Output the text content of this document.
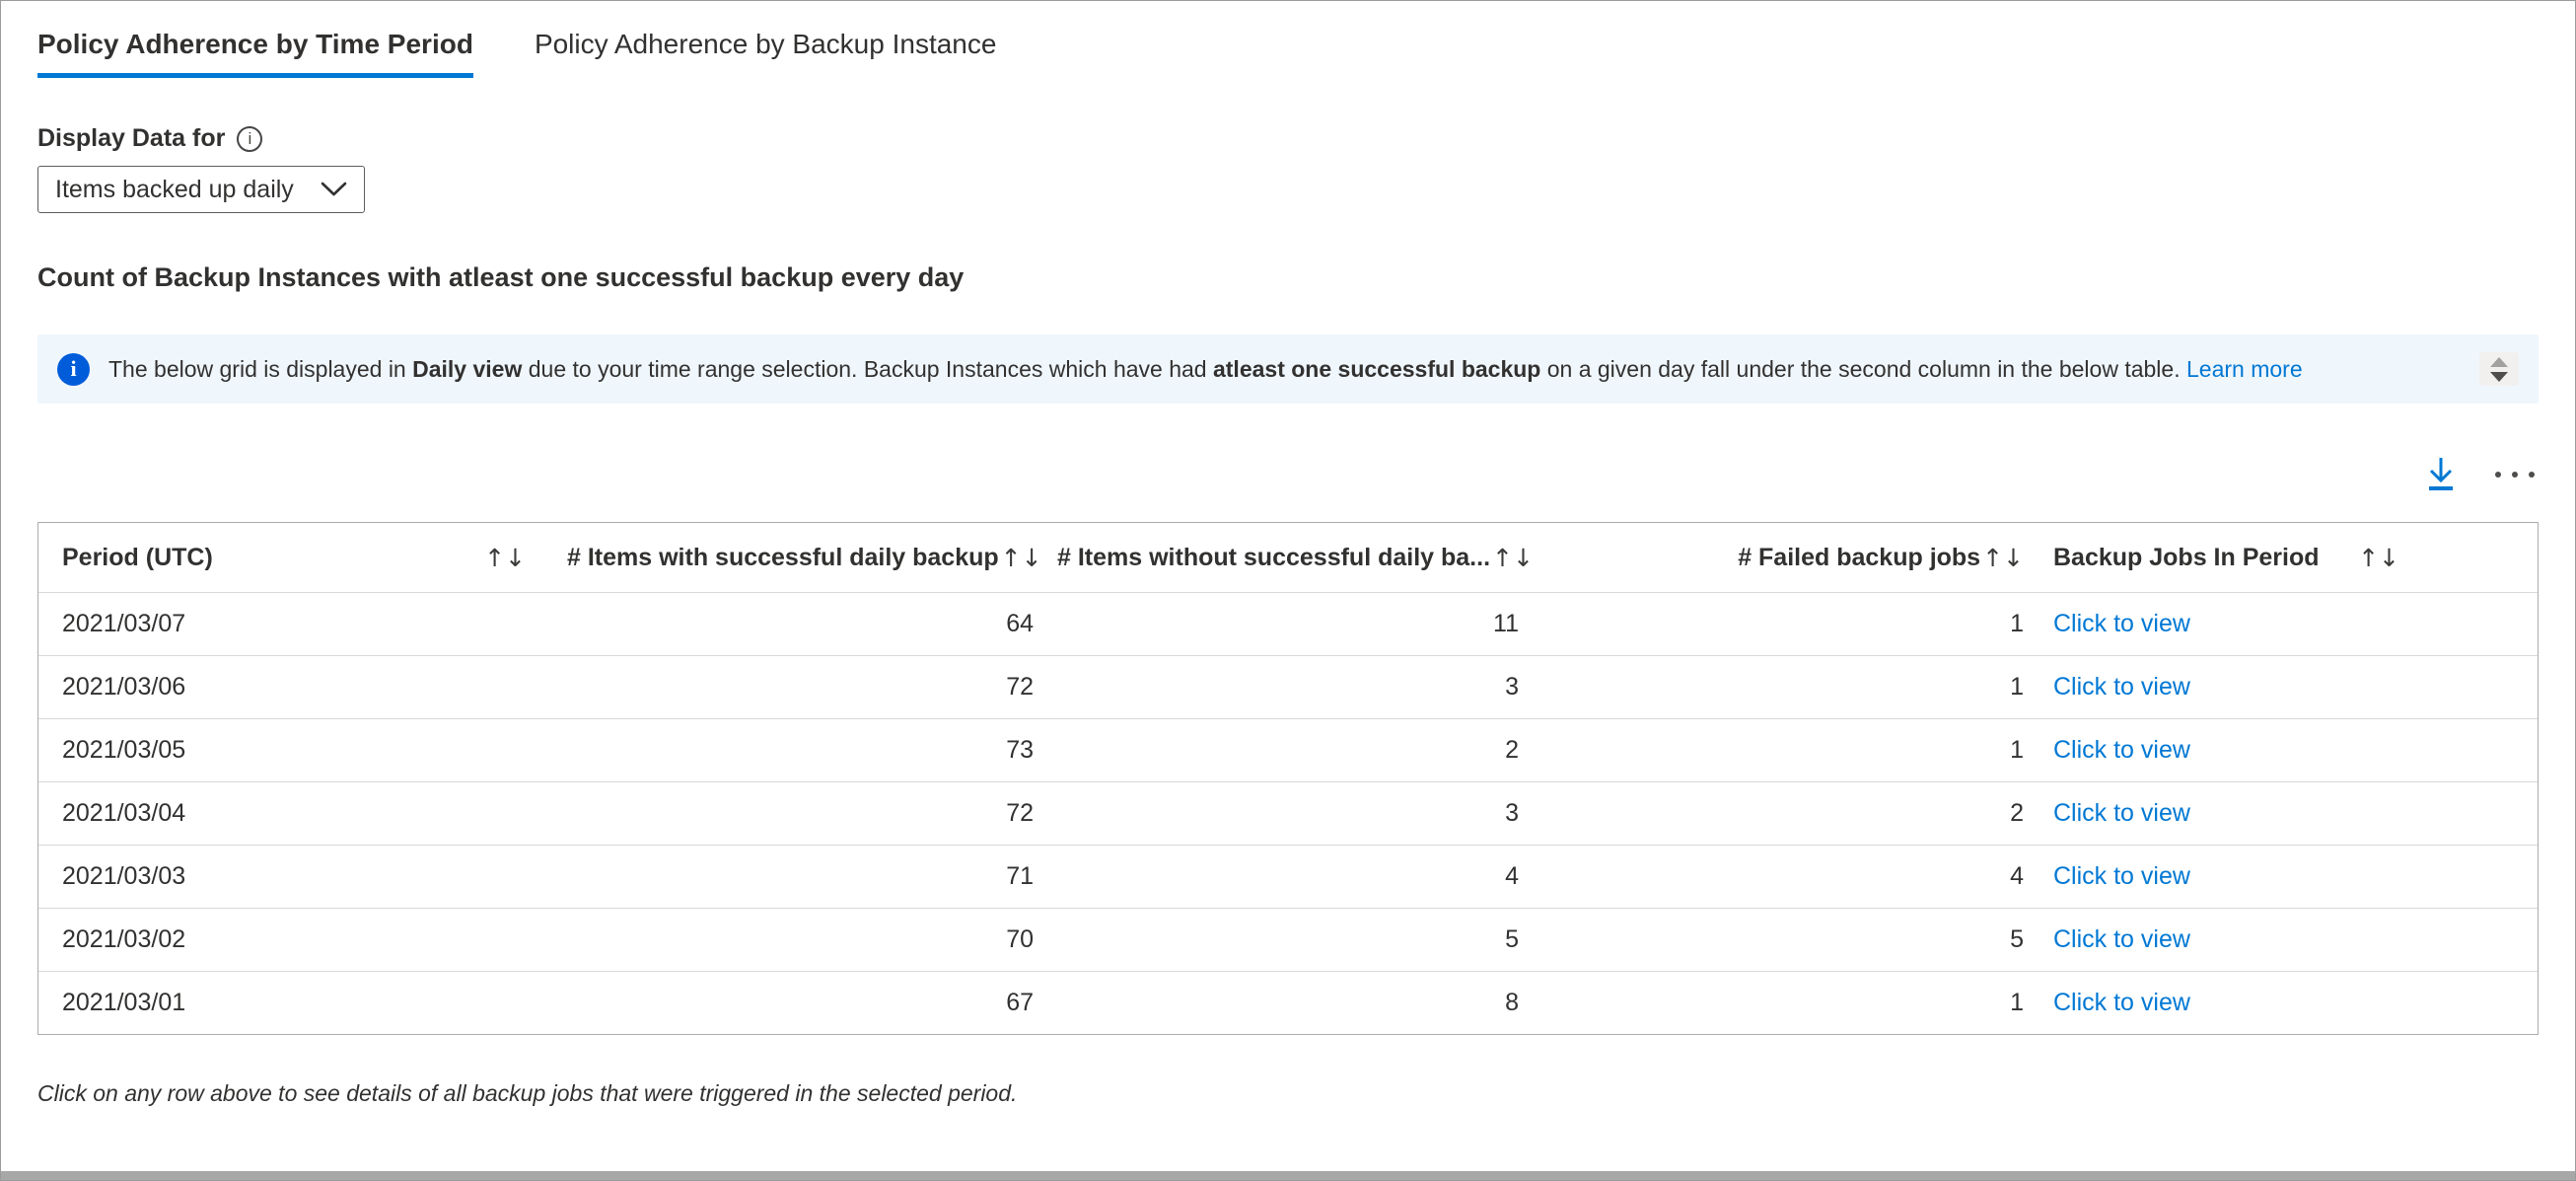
Policy Adherence by Time Period Policy Adherence by Backup Instance
Display Data for	i
Items backed up daily
Count of Backup Instances with atleast one successful backup every day
i	The below grid is displayed in Daily view due to your time range selection. Backup Instances which have had atleast one successful backup on a given day fall under the second column in the below table. Learn more
Period (UTC)	↑↓ # Items with successful daily backup ↑↓ # Items without successful daily ba... ↑↓	# Failed backup jobs ↑↓ Backup Jobs In Period ↑↓
2021/03/07	64	11	1 Click to view
2021/03/06	72	3	1 Click to view
2021/03/05	73	2	1 Click to view
2021/03/04	72	3	2 Click to view
2021/03/03	71	4	4 Click to view
2021/03/02	70	5	5 Click to view
2021/03/01	67	8	1 Click to view
Click on any row above to see details of all backup jobs that were triggered in the selected period.
